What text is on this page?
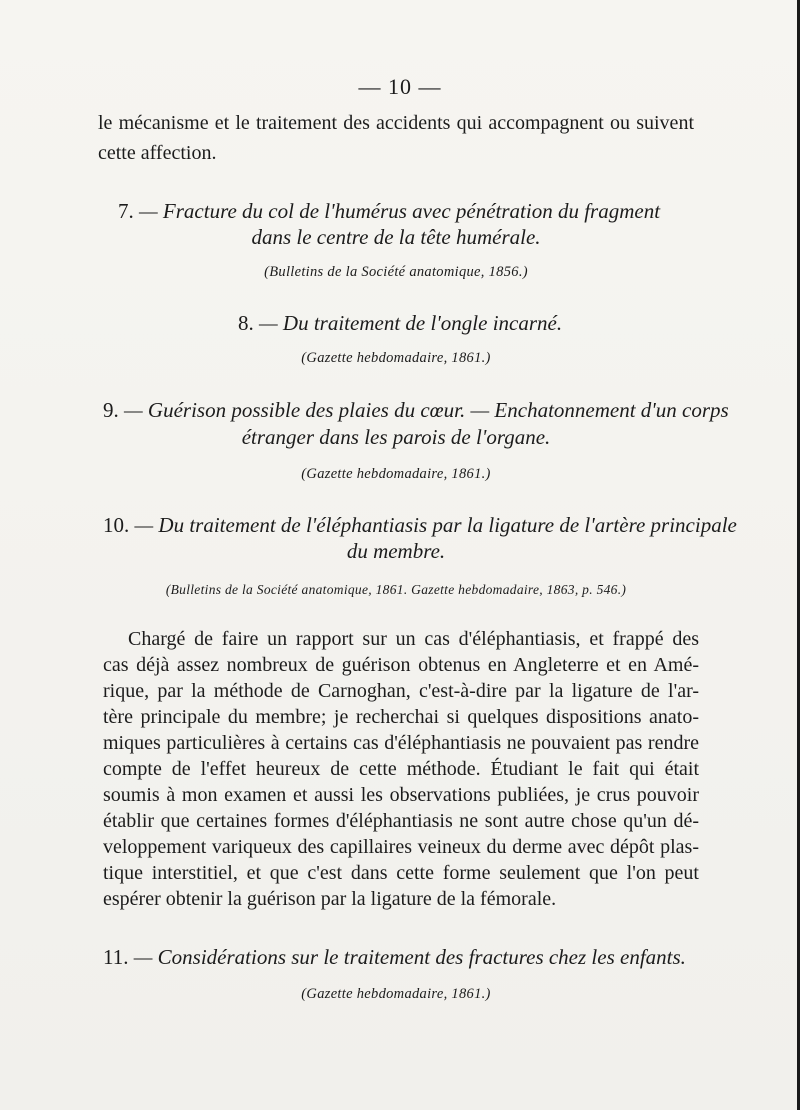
— 10 —
le mécanisme et le traitement des accidents qui accompagnent ou suivent
cette affection.
7. — Fracture du col de l'humérus avec pénétration du fragment
dans le centre de la tête humérale.
(Bulletins de la Société anatomique, 1856.)
8. — Du traitement de l'ongle incarné.
(Gazette hebdomadaire, 1861.)
9. — Guérison possible des plaies du cœur. — Enchatonnement d'un corps
étranger dans les parois de l'organe.
(Gazette hebdomadaire, 1861.)
10. — Du traitement de l'éléphantiasis par la ligature de l'artère principale
du membre.
(Bulletins de la Société anatomique, 1861. Gazette hebdomadaire, 1863, p. 546.)
Chargé de faire un rapport sur un cas d'éléphantiasis, et frappé des
cas déjà assez nombreux de guérison obtenus en Angleterre et en Amé-
rique, par la méthode de Carnoghan, c'est-à-dire par la ligature de l'ar-
tère principale du membre; je recherchai si quelques dispositions anato-
miques particulières à certains cas d'éléphantiasis ne pouvaient pas rendre
compte de l'effet heureux de cette méthode. Étudiant le fait qui était
soumis à mon examen et aussi les observations publiées, je crus pouvoir
établir que certaines formes d'éléphantiasis ne sont autre chose qu'un dé-
veloppement variqueux des capillaires veineux du derme avec dépôt plas-
tique interstitiel, et que c'est dans cette forme seulement que l'on peut
espérer obtenir la guérison par la ligature de la fémorale.
11. — Considérations sur le traitement des fractures chez les enfants.
(Gazette hebdomadaire, 1861.)
